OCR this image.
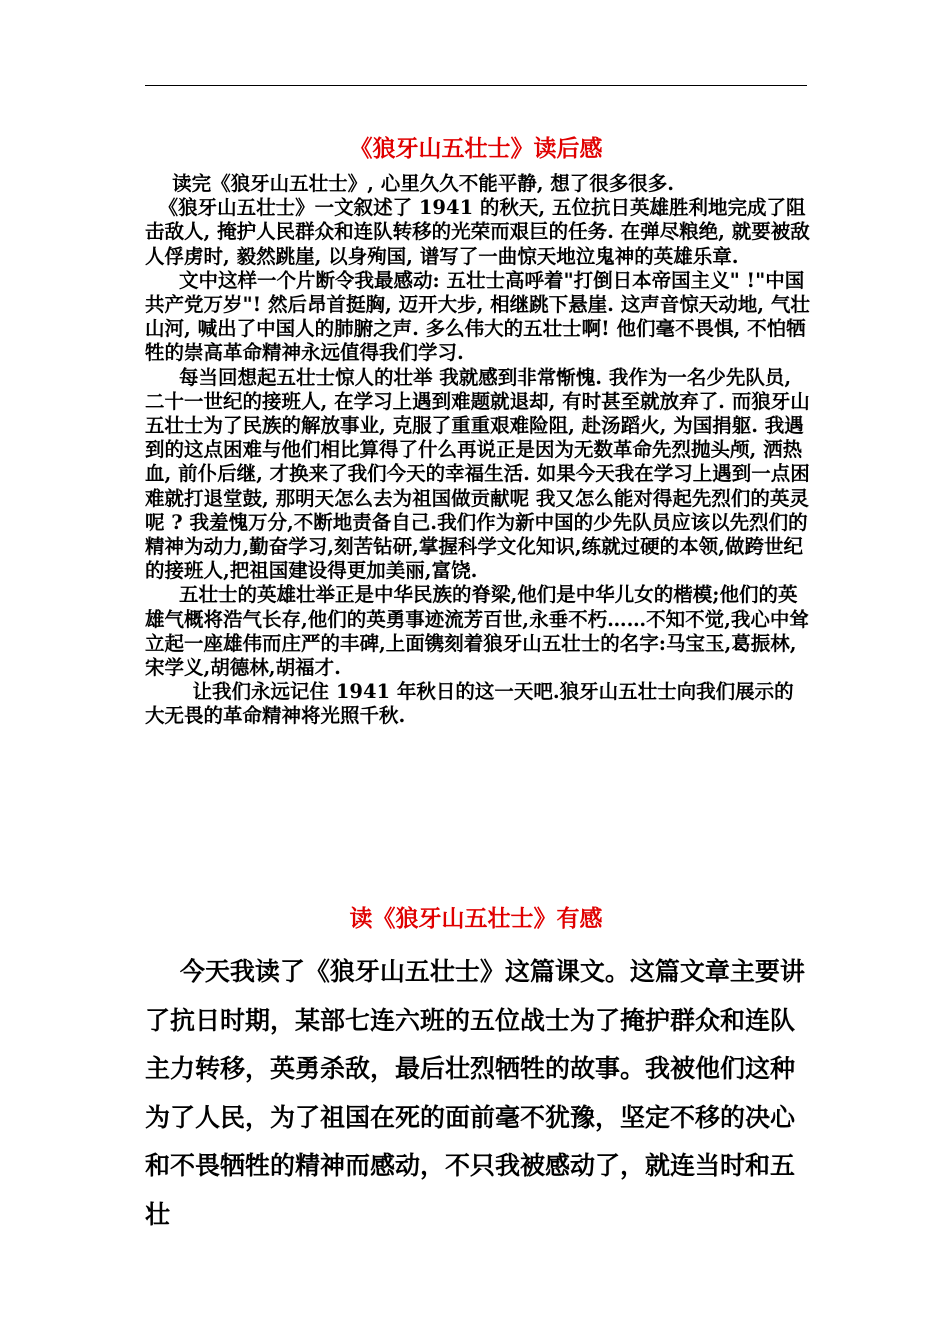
《狼牙山五壮士》读后感

读完《狼牙山五壮士》, 心里久久不能平静, 想了很多很多.

《狼牙山五壮士》一文叙述了 1941 的秋天, 五位抗日英雄胜利地完成了阻击敌人, 掩护人民群众和连队转移的光荣而艰巨的任务. 在弹尽粮绝, 就要被敌人俘虏时, 毅然跳崖, 以身殉国, 谱写了一曲惊天地泣鬼神的英雄乐章.

文中这样一个片断令我最感动: 五壮士高呼着"打倒日本帝国主义" !"中国共产党万岁"! 然后昂首挺胸, 迈开大步, 相继跳下悬崖. 这声音惊天动地, 气壮山河, 喊出了中国人的肺腑之声. 多么伟大的五壮士啊! 他们毫不畏惧, 不怕牺牲的崇高革命精神永远值得我们学习.

每当回想起五壮士惊人的壮举 我就感到非常惭愧. 我作为一名少先队员, 二十一世纪的接班人, 在学习上遇到难题就退却, 有时甚至就放弃了. 而狼牙山五壮士为了民族的解放事业, 克服了重重艰难险阻, 赴汤蹈火, 为国捐躯. 我遇到的这点困难与他们相比算得了什么再说正是因为无数革命先烈抛头颅, 洒热血, 前仆后继, 才换来了我们今天的幸福生活. 如果今天我在学习上遇到一点困难就打退堂鼓, 那明天怎么去为祖国做贡献呢 我又怎么能对得起先烈们的英灵呢 ? 我羞愧万分,不断地责备自己.我们作为新中国的少先队员应该以先烈们的精神为动力,勤奋学习,刻苦钻研,掌握科学文化知识,练就过硬的本领,做跨世纪的接班人,把祖国建设得更加美丽,富饶.

五壮士的英雄壮举正是中华民族的脊梁,他们是中华儿女的楷模;他们的英雄气概将浩气长存,他们的英勇事迹流芳百世,永垂不朽……不知不觉,我心中耸立起一座雄伟而庄严的丰碑,上面镌刻着狼牙山五壮士的名字:马宝玉,葛振林,宋学义,胡德林,胡福才.

让我们永远记住 1941 年秋日的这一天吧.狼牙山五壮士向我们展示的大无畏的革命精神将光照千秋.

读《狼牙山五壮士》有感

今天我读了《狼牙山五壮士》这篇课文。这篇文章主要讲了抗日时期，某部七连六班的五位战士为了掩护群众和连队主力转移，英勇杀敌，最后壮烈牺牲的故事。我被他们这种为了人民，为了祖国在死的面前毫不犹豫，坚定不移的决心和不畏牺牲的精神而感动，不只我被感动了，就连当时和五壮
